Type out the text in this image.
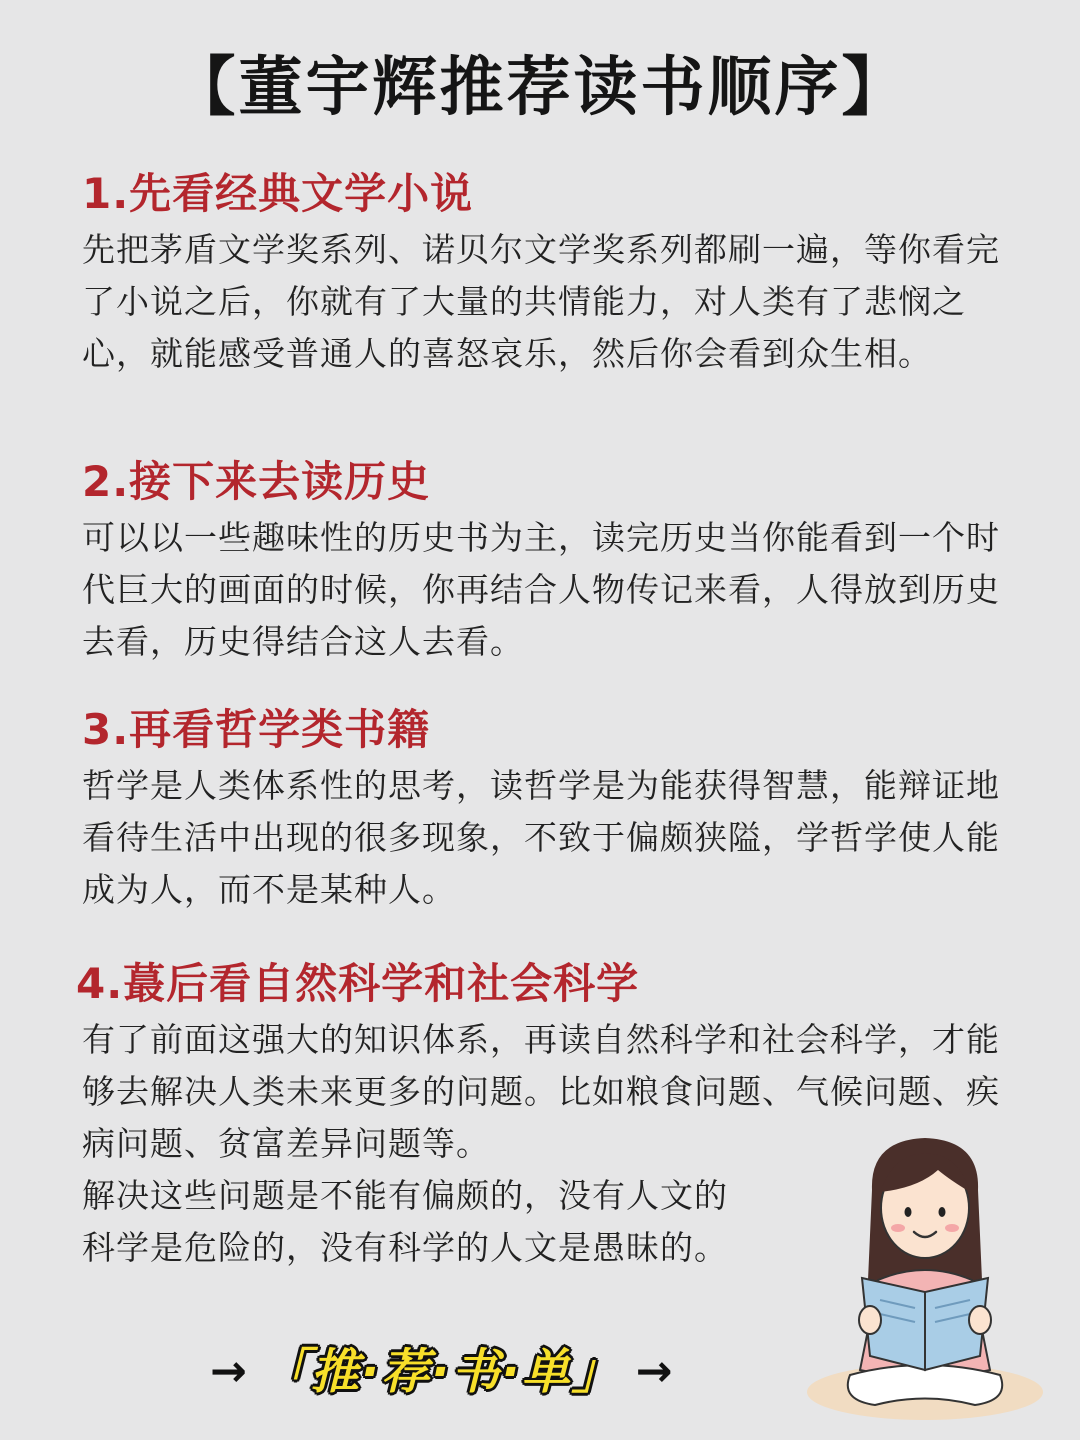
【董宇辉推荐读书顺序】
1.先看经典文学小说
先把茅盾文学奖系列、诺贝尔文学奖系列都刷一遍，等你看完了小说之后，你就有了大量的共情能力，对人类有了悲悯之心，就能感受普通人的喜怒哀乐，然后你会看到众生相。
2.接下来去读历史
可以以一些趣味性的历史书为主，读完历史当你能看到一个时代巨大的画面的时候，你再结合人物传记来看，人得放到历史去看，历史得结合这人去看。
3.再看哲学类书籍
哲学是人类体系性的思考，读哲学是为能获得智慧，能辩证地看待生活中出现的很多现象，不致于偏颇狭隘，学哲学使人能成为人，而不是某种人。
4.蕞后看自然科学和社会科学
有了前面这强大的知识体系，再读自然科学和社会科学，才能够去解决人类未来更多的问题。比如粮食问题、气候问题、疾病问题、贫富差异问题等。
解决这些问题是不能有偏颇的，没有人文的科学是危险的，没有科学的人文是愚昧的。
→ 「推·荐·书·单」 →
